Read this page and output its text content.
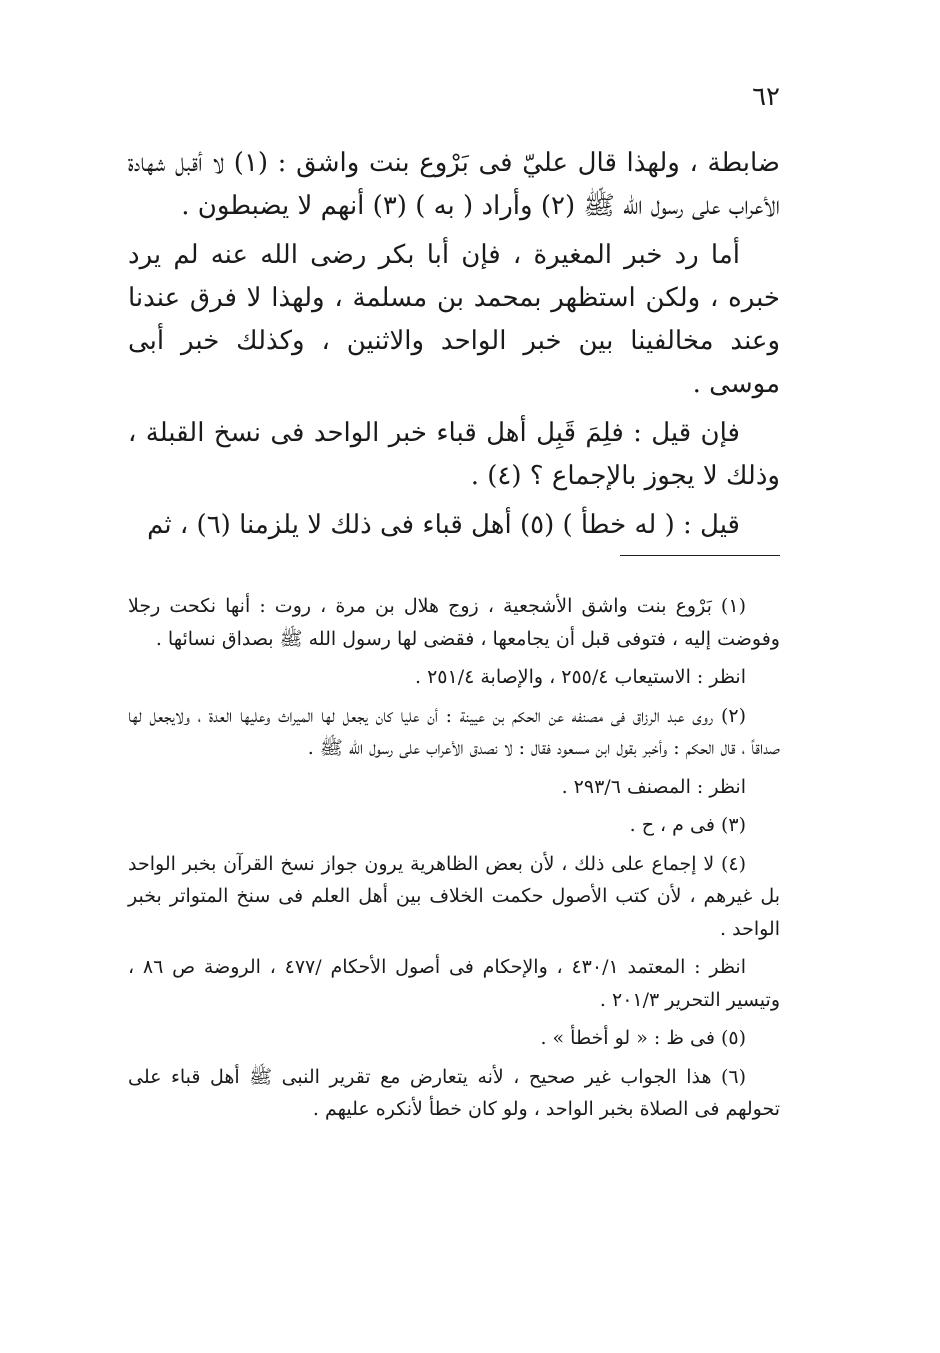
٦٢

ضابطة ، ولهذا قال عليّ فى بَرْوع بنت واشق : (١) لا أقبل شهادة الأعراب على رسول الله ﷺ (٢) وأراد ( به ) (٣) أنهم لا يضبطون .

أما رد خبر المغيرة ، فإن أبا بكر رضى الله عنه لم يرد خبره ، ولكن استظهر بمحمد بن مسلمة ، ولهذا لا فرق عندنا وعند مخالفينا بين خبر الواحد والاثنين ، وكذلك خبر أبى موسى .

فإن قيل : فلِمَ قَبِل أهل قباء خبر الواحد فى نسخ القبلة ، وذلك لا يجوز بالإجماع ؟ (٤) .

قيل : ( له خطأ ) (٥) أهل قباء فى ذلك لا يلزمنا (٦) ، ثم

(١) بَرْوع بنت واشق الأشجعية ، زوج هلال بن مرة ، روت : أنها نكحت رجلا وفوضت إليه ، فتوفى قبل أن يجامعها ، فقضى لها رسول الله ﷺ بصداق نسائها .

انظر : الاستيعاب ٢٥٥/٤ ، والإصابة ٢٥١/٤ .

(٢) روى عبد الرزاق فى مصنفه عن الحكم بن عيينة : أن عليا كان يجعل لها الميراث وعليها العدة ، ولايجعل لها صداقاً ، قال الحكم : وأخبر بقول ابن مسعود فقال : لا نصدق الأعراب على رسول الله ﷺ .

انظر : المصنف ٢٩٣/٦ .

(٣) فى م ، ح .

(٤) لا إجماع على ذلك ، لأن بعض الظاهرية يرون جواز نسخ القرآن بخبر الواحد بل غيرهم ، لأن كتب الأصول حكمت الخلاف بين أهل العلم فى سنخ المتواتر بخبر الواحد .

انظر : المعتمد ٤٣٠/١ ، والإحكام فى أصول الأحكام /٤٧٧ ، الروضة ص ٨٦ ، وتيسير التحرير ٢٠١/٣ .

(٥) فى ظ : « لو أخطأ » .

(٦) هذا الجواب غير صحيح ، لأنه يتعارض مع تقرير النبى ﷺ أهل قباء على تحولهم فى الصلاة بخبر الواحد ، ولو كان خطأ لأنكره عليهم .
